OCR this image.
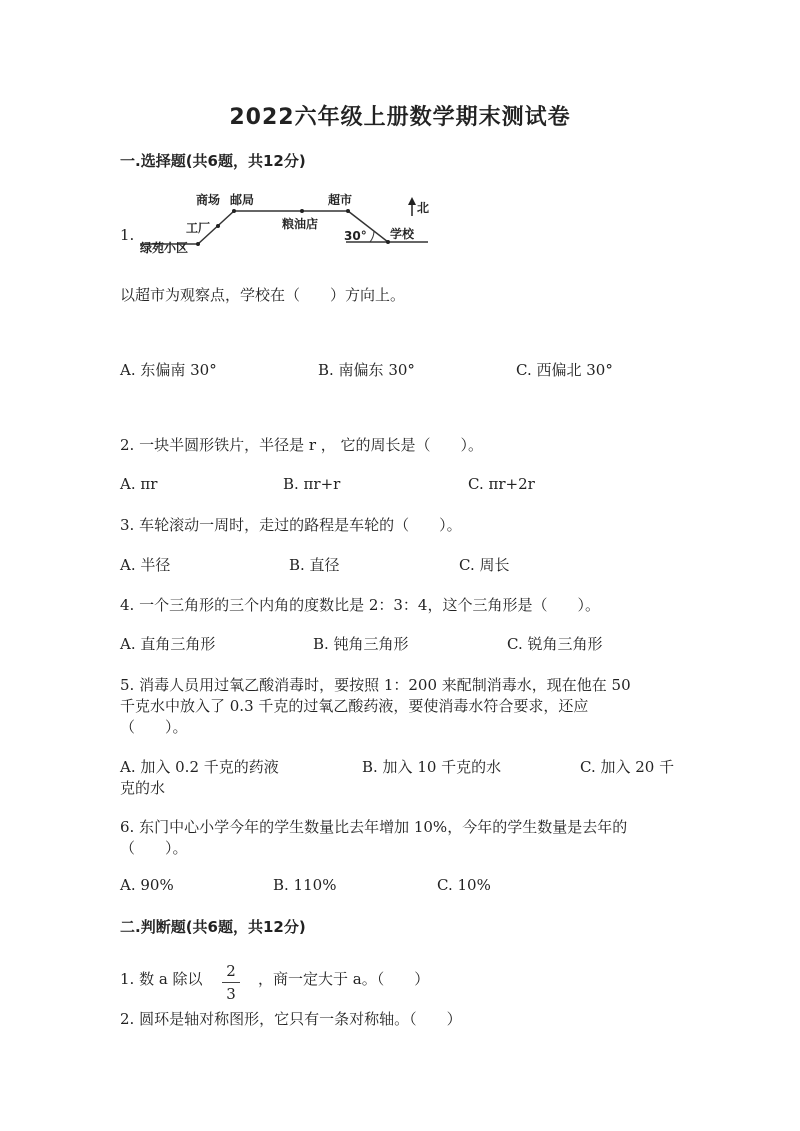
2022六年级上册数学期末测试卷
一.选择题(共6题，共12分)
1.
商场 邮局	超市
工厂	粮油店
绿苑小区
学校
30°
北
以超市为观察点，学校在（　　）方向上。
A. 东偏南 30°	B. 南偏东 30°	C. 西偏北 30°
2. 一块半圆形铁片，半径是 r ， 它的周长是（　　）。
A. πr	B. πr+r	C. πr+2r
3. 车轮滚动一周时，走过的路程是车轮的（　　）。
A. 半径	B. 直径	C. 周长
4. 一个三角形的三个内角的度数比是 2：3：4，这个三角形是（　　）。
A. 直角三角形	B. 钝角三角形	C. 锐角三角形
5. 消毒人员用过氧乙酸消毒时，要按照 1：200 来配制消毒水，现在他在 50
千克水中放入了 0.3 千克的过氧乙酸药液，要使消毒水符合要求，还应
（　　）。
A. 加入 0.2 千克的药液	B. 加入 10 千克的水	C. 加入 20 千
克的水
6. 东门中心小学今年的学生数量比去年增加 10%，今年的学生数量是去年的
（　　）。
A. 90%	B. 110%	C. 10%
二.判断题(共6题，共12分)
1. 数 a 除以	2
3
，商一定大于 a。（　　）
2. 圆环是轴对称图形，它只有一条对称轴。（　　）
